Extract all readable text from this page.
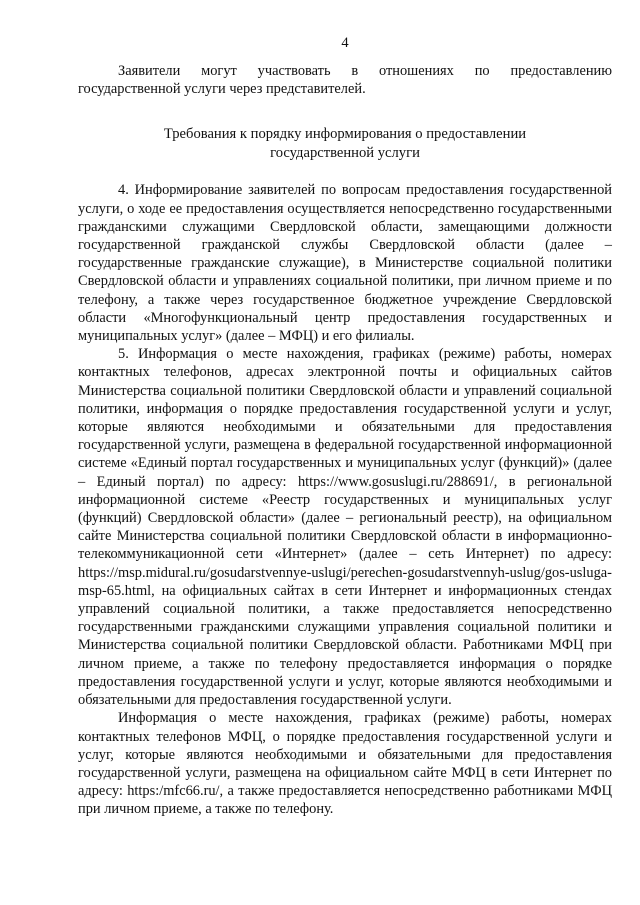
4

Заявители могут участвовать в отношениях по предоставлению государственной услуги через представителей.

Требования к порядку информирования о предоставлении
государственной услуги

4. Информирование заявителей по вопросам предоставления государственной услуги, о ходе ее предоставления осуществляется непосредственно государственными гражданскими служащими Свердловской области, замещающими должности государственной гражданской службы Свердловской области (далее – государственные гражданские служащие), в Министерстве социальной политики Свердловской области и управлениях социальной политики, при личном приеме и по телефону, а также через государственное бюджетное учреждение Свердловской области «Многофункциональный центр предоставления государственных и муниципальных услуг» (далее – МФЦ) и его филиалы.

5. Информация о месте нахождения, графиках (режиме) работы, номерах контактных телефонов, адресах электронной почты и официальных сайтов Министерства социальной политики Свердловской области и управлений социальной политики, информация о порядке предоставления государственной услуги и услуг, которые являются необходимыми и обязательными для предоставления государственной услуги, размещена в федеральной государственной информационной системе «Единый портал государственных и муниципальных услуг (функций)» (далее – Единый портал) по адресу: https://www.gosuslugi.ru/288691/, в региональной информационной системе «Реестр государственных и муниципальных услуг (функций) Свердловской области» (далее – региональный реестр), на официальном сайте Министерства социальной политики Свердловской области в информационно-телекоммуникационной сети «Интернет» (далее – сеть Интернет) по адресу: https://msp.midural.ru/gosudarstvennye-uslugi/perechen-gosudarstvennyh-uslug/gos-usluga-msp-65.html, на официальных сайтах в сети Интернет и информационных стендах управлений социальной политики, а также предоставляется непосредственно государственными гражданскими служащими управления социальной политики и Министерства социальной политики Свердловской области. Работниками МФЦ при личном приеме, а также по телефону предоставляется информация о порядке предоставления государственной услуги и услуг, которые являются необходимыми и обязательными для предоставления государственной услуги.

Информация о месте нахождения, графиках (режиме) работы, номерах контактных телефонов МФЦ, о порядке предоставления государственной услуги и услуг, которые являются необходимыми и обязательными для предоставления государственной услуги, размещена на официальном сайте МФЦ в сети Интернет по адресу: https:/mfc66.ru/, а также предоставляется непосредственно работниками МФЦ при личном приеме, а также по телефону.
